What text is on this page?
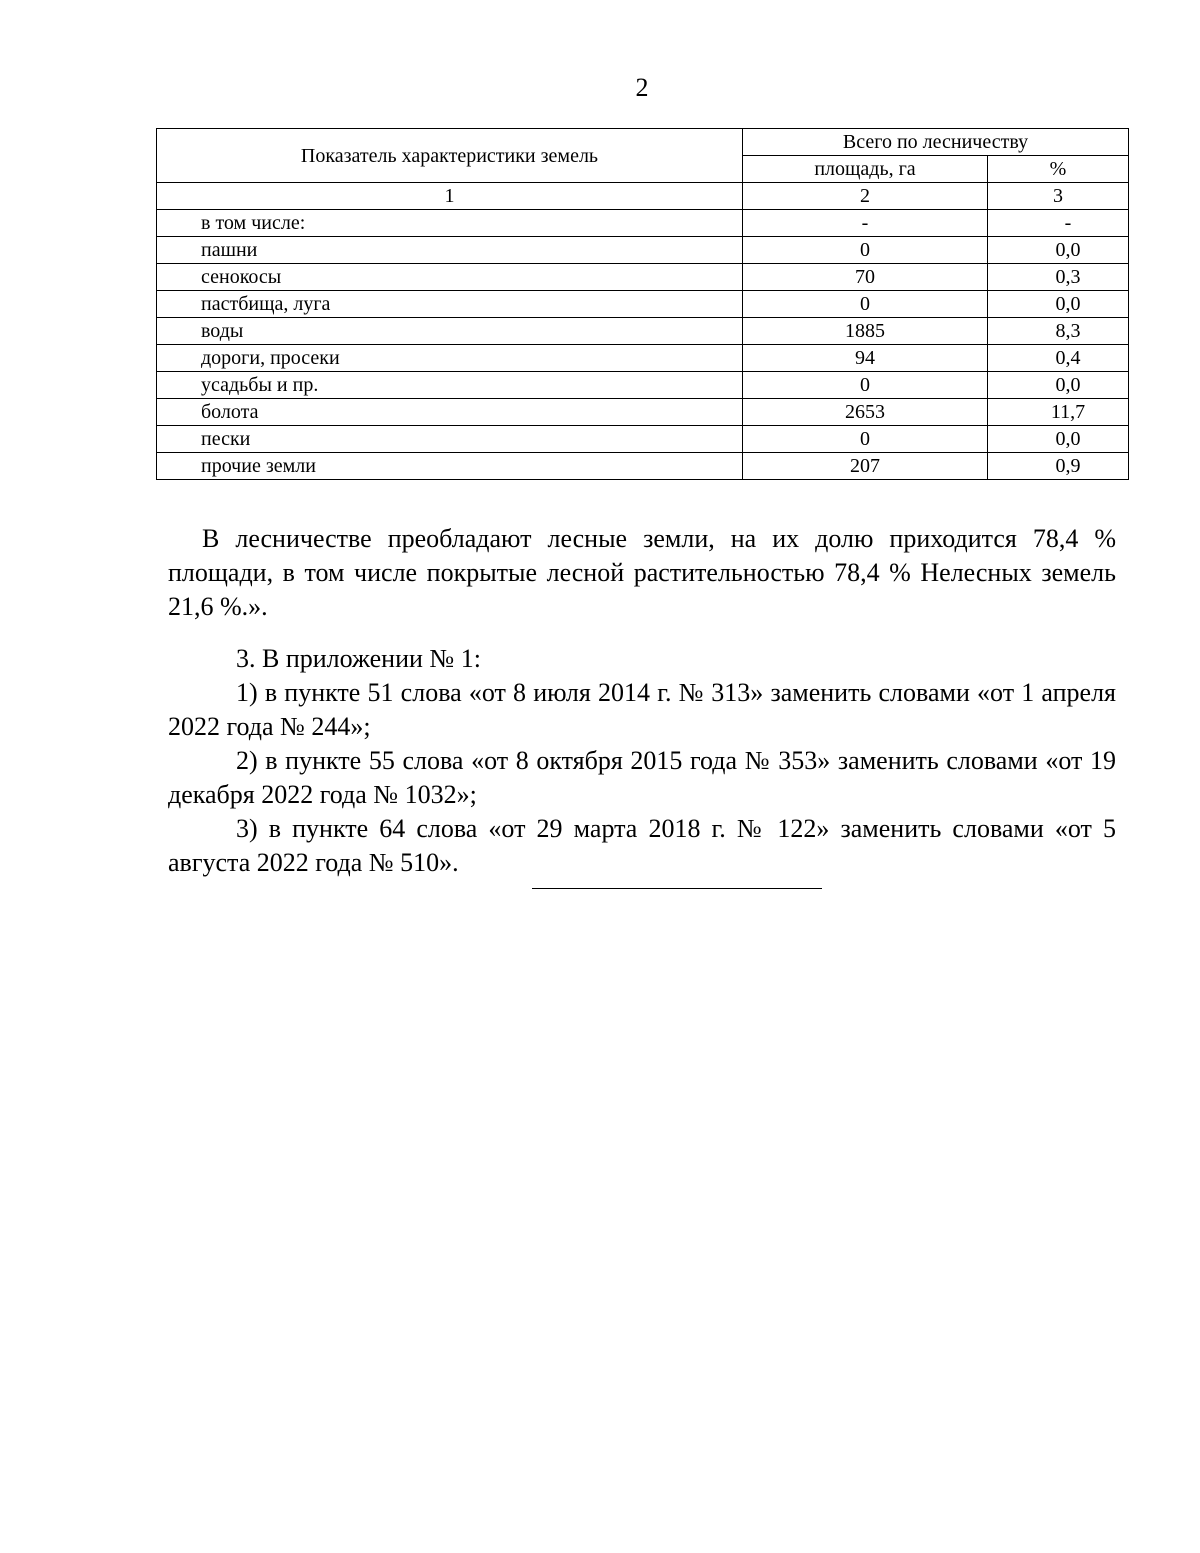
2
Показатель характеристики земель	Всего по лесничеству	
	площадь, га	%
1	2	3
в том числе:	-	-
пашни	0	0,0
сенокосы	70	0,3
пастбища, луга	0	0,0
воды	1885	8,3
дороги, просеки	94	0,4
усадьбы и пр.	0	0,0
болота	2653	11,7
пески	0	0,0
прочие земли	207	0,9

В лесничестве преобладают лесные земли, на их долю приходится 78,4 % площади, в том числе покрытые лесной растительностью 78,4 % Нелесных земель 21,6 %.».

3. В приложении № 1:

1) в пункте 51 слова «от 8 июля 2014 г. № 313» заменить словами «от 1 апреля 2022 года № 244»;

2) в пункте 55 слова «от 8 октября 2015 года № 353» заменить словами «от 19 декабря 2022 года № 1032»;

3) в пункте 64 слова «от 29 марта 2018 г. № 122» заменить словами «от 5 августа 2022 года № 510».
